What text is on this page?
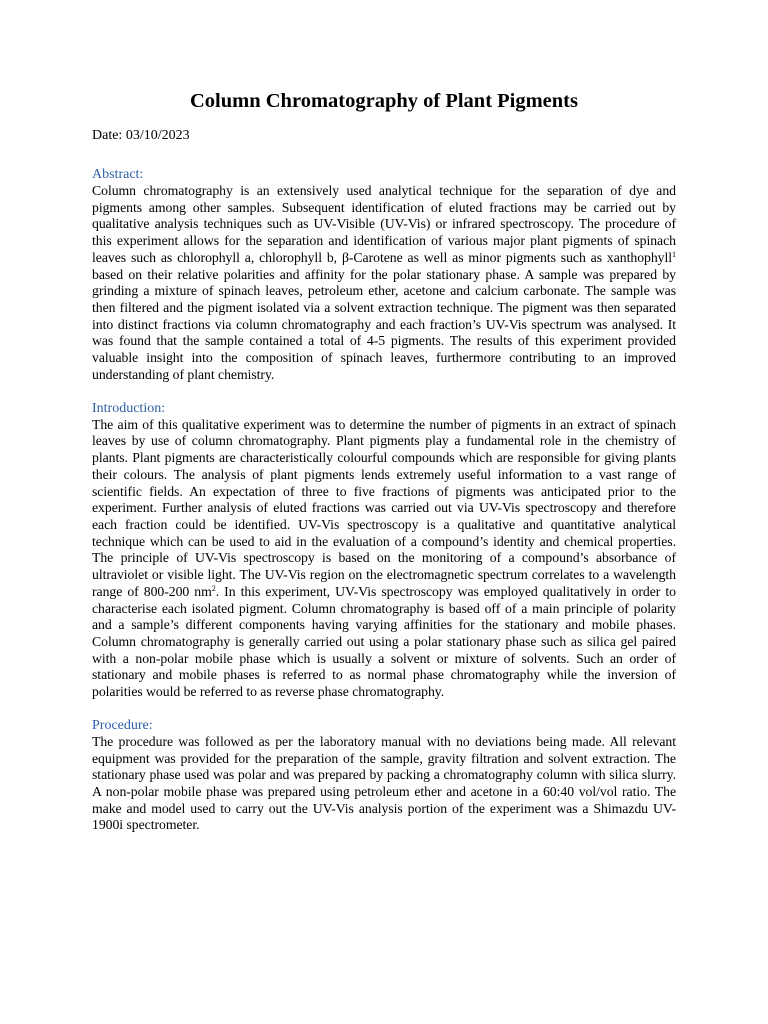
Column Chromatography of Plant Pigments
Date: 03/10/2023
Abstract:

Column chromatography is an extensively used analytical technique for the separation of dye and pigments among other samples. Subsequent identification of eluted fractions may be carried out by qualitative analysis techniques such as UV-Visible (UV-Vis) or infrared spectroscopy. The procedure of this experiment allows for the separation and identification of various major plant pigments of spinach leaves such as chlorophyll a, chlorophyll b, β-Carotene as well as minor pigments such as xanthophyll$^1$ based on their relative polarities and affinity for the polar stationary phase. A sample was prepared by grinding a mixture of spinach leaves, petroleum ether, acetone and calcium carbonate. The sample was then filtered and the pigment isolated via a solvent extraction technique. The pigment was then separated into distinct fractions via column chromatography and each fraction’s UV-Vis spectrum was analysed. It was found that the sample contained a total of 4-5 pigments. The results of this experiment provided valuable insight into the composition of spinach leaves, furthermore contributing to an improved understanding of plant chemistry.

Introduction:

The aim of this qualitative experiment was to determine the number of pigments in an extract of spinach leaves by use of column chromatography. Plant pigments play a fundamental role in the chemistry of plants. Plant pigments are characteristically colourful compounds which are responsible for giving plants their colours. The analysis of plant pigments lends extremely useful information to a vast range of scientific fields. An expectation of three to five fractions of pigments was anticipated prior to the experiment. Further analysis of eluted fractions was carried out via UV-Vis spectroscopy and therefore each fraction could be identified. UV-Vis spectroscopy is a qualitative and quantitative analytical technique which can be used to aid in the evaluation of a compound’s identity and chemical properties. The principle of UV-Vis spectroscopy is based on the monitoring of a compound’s absorbance of ultraviolet or visible light. The UV-Vis region on the electromagnetic spectrum correlates to a wavelength range of 800-200 $nm^2$. In this experiment, UV-Vis spectroscopy was employed qualitatively in order to characterise each isolated pigment. Column chromatography is based off of a main principle of polarity and a sample’s different components having varying affinities for the stationary and mobile phases. Column chromatography is generally carried out using a polar stationary phase such as silica gel paired with a non-polar mobile phase which is usually a solvent or mixture of solvents. Such an order of stationary and mobile phases is referred to as normal phase chromatography while the inversion of polarities would be referred to as reverse phase chromatography.

Procedure:

The procedure was followed as per the laboratory manual with no deviations being made. All relevant equipment was provided for the preparation of the sample, gravity filtration and solvent extraction. The stationary phase used was polar and was prepared by packing a chromatography column with silica slurry. A non-polar mobile phase was prepared using petroleum ether and acetone in a 60:40 vol/vol ratio. The make and model used to carry out the UV-Vis analysis portion of the experiment was a Shimazdu UV-1900i spectrometer.
